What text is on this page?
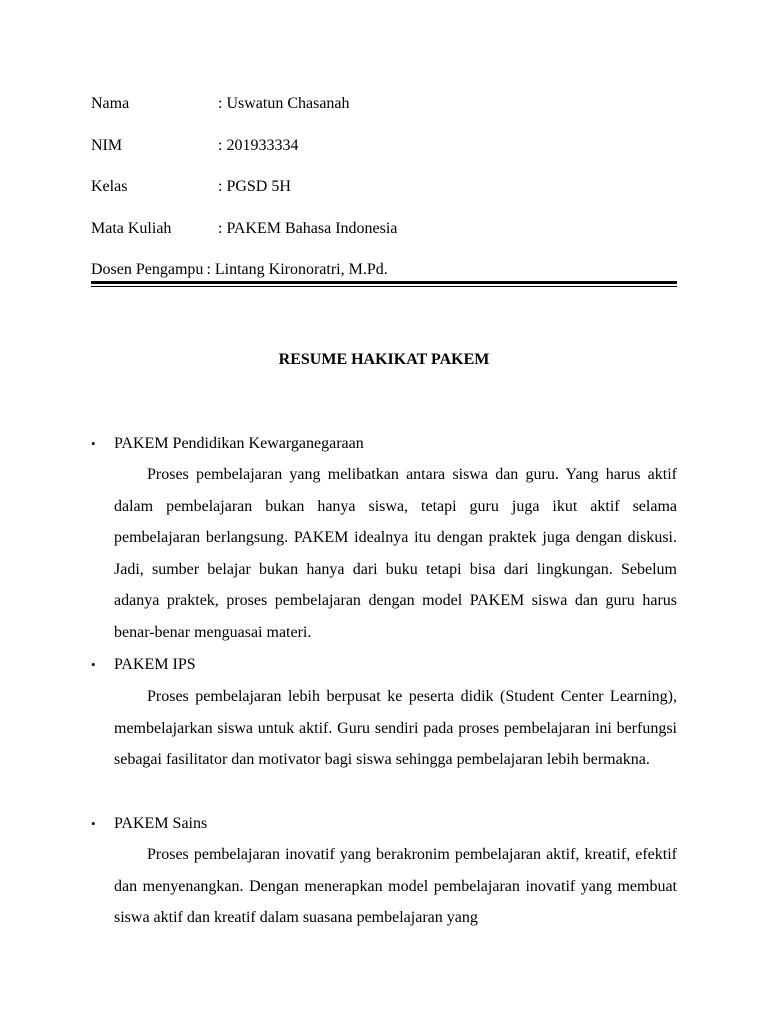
Nama	: Uswatun Chasanah
NIM	: 201933334
Kelas	: PGSD 5H
Mata Kuliah	: PAKEM Bahasa Indonesia
Dosen Pengampu : Lintang Kironoratri, M.Pd.
RESUME HAKIKAT PAKEM
• PAKEM Pendidikan Kewarganegaraan

Proses pembelajaran yang melibatkan antara siswa dan guru. Yang harus aktif dalam pembelajaran bukan hanya siswa, tetapi guru juga ikut aktif selama pembelajaran berlangsung. PAKEM idealnya itu dengan praktek juga dengan diskusi. Jadi, sumber belajar bukan hanya dari buku tetapi bisa dari lingkungan. Sebelum adanya praktek, proses pembelajaran dengan model PAKEM siswa dan guru harus benar-benar menguasai materi.

• PAKEM IPS

Proses pembelajaran lebih berpusat ke peserta didik (Student Center Learning), membelajarkan siswa untuk aktif. Guru sendiri pada proses pembelajaran ini berfungsi sebagai fasilitator dan motivator bagi siswa sehingga pembelajaran lebih bermakna.

• PAKEM Sains

Proses pembelajaran inovatif yang berakronim pembelajaran aktif, kreatif, efektif dan menyenangkan. Dengan menerapkan model pembelajaran inovatif yang membuat siswa aktif dan kreatif dalam suasana pembelajaran yang
